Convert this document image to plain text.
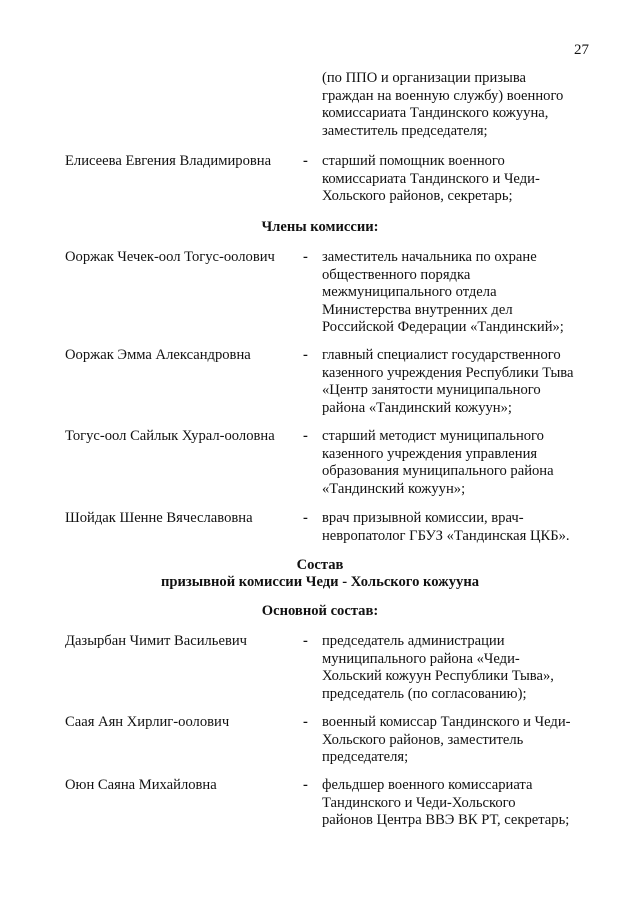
27
(по ППО и организации призыва
граждан на военную службу) военного
комиссариата Тандинского кожууна,
заместитель председателя;
Елисеева Евгения Владимировна	- старший помощник военного
комиссариата Тандинского и Чеди-
Хольского районов, секретарь;
Члены комиссии:
Ооржак Чечек-оол Тогус-оолович	- заместитель начальника по охране
общественного порядка
межмуниципального отдела
Министерства внутренних дел
Российской Федерации «Тандинский»;
Ооржак Эмма Александровна	- главный специалист государственного
казенного учреждения Республики Тыва
«Центр занятости муниципального
района «Тандинский кожуун»;
Тогус-оол Сайлык Хурал-ооловна	- старший методист муниципального
казенного учреждения управления
образования муниципального района
«Тандинский кожуун»;
Шойдак Шенне Вячеславовна	- врач призывной комиссии, врач-
невропатолог ГБУЗ «Тандинская ЦКБ».
Состав
призывной комиссии Чеди - Хольского кожууна
Основной состав:
Дазырбан Чимит Васильевич	- председатель администрации
муниципального района «Чеди-
Хольский кожуун Республики Тыва»,
председатель (по согласованию);
Саая Аян Хирлиг-оолович	- военный комиссар Тандинского и Чеди-
Хольского районов, заместитель
председателя;
Оюн Саяна Михайловна	- фельдшер военного комиссариата
Тандинского и Чеди-Хольского
районов Центра ВВЭ ВК РТ, секретарь;
